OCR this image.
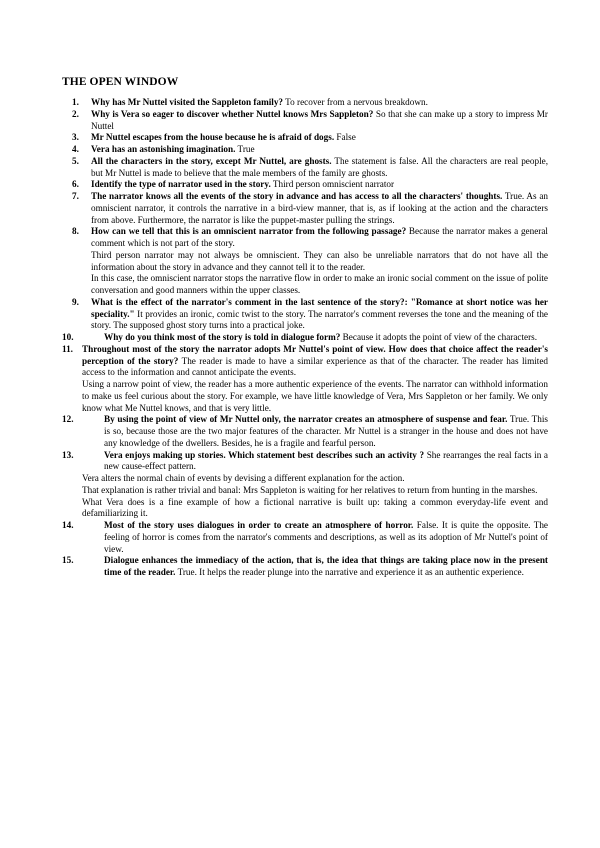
THE OPEN WINDOW
1. Why has Mr Nuttel visited the Sappleton family? To recover from a nervous breakdown.
2. Why is Vera so eager to discover whether Nuttel knows Mrs Sappleton? So that she can make up a story to impress Mr Nuttel
3. Mr Nuttel escapes from the house because he is afraid of dogs. False
4. Vera has an astonishing imagination. True
5. All the characters in the story, except Mr Nuttel, are ghosts. The statement is false. All the characters are real people, but Mr Nuttel is made to believe that the male members of the family are ghosts.
6. Identify the type of narrator used in the story. Third person omniscient narrator
7. The narrator knows all the events of the story in advance and has access to all the characters' thoughts. True. As an omniscient narrator, it controls the narrative in a bird-view manner, that is, as if looking at the action and the characters from above. Furthermore, the narrator is like the puppet-master pulling the strings.
8. How can we tell that this is an omniscient narrator from the following passage? Because the narrator makes a general comment which is not part of the story.
Third person narrator may not always be omniscient. They can also be unreliable narrators that do not have all the information about the story in advance and they cannot tell it to the reader.
In this case, the omniscient narrator stops the narrative flow in order to make an ironic social comment on the issue of polite conversation and good manners within the upper classes.
9. What is the effect of the narrator's comment in the last sentence of the story?: "Romance at short notice was her speciality." It provides an ironic, comic twist to the story. The narrator's comment reverses the tone and the meaning of the story. The supposed ghost story turns into a practical joke.
10.	Why do you think most of the story is told in dialogue form? Because it adopts the point of view of the characters.
11. Throughout most of the story the narrator adopts Mr Nuttel's point of view. How does that choice affect the reader's perception of the story? The reader is made to have a similar experience as that of the character. The reader has limited access to the information and cannot anticipate the events.
Using a narrow point of view, the reader has a more authentic experience of the events. The narrator can withhold information to make us feel curious about the story. For example, we have little knowledge of Vera, Mrs Sappleton or her family. We only know what Me Nuttel knows, and that is very little.
12.	By using the point of view of Mr Nuttel only, the narrator creates an atmosphere of suspense and fear. True. This is so, because those are the two major features of the character. Mr Nuttel is a stranger in the house and does not have any knowledge of the dwellers. Besides, he is a fragile and fearful person.
13.	Vera enjoys making up stories. Which statement best describes such an activity ? She rearranges the real facts in a new cause-effect pattern.
Vera alters the normal chain of events by devising a different explanation for the action.
That explanation is rather trivial and banal: Mrs Sappleton is waiting for her relatives to return from hunting in the marshes.
What Vera does is a fine example of how a fictional narrative is built up: taking a common everyday-life event and defamiliarizing it.
14.	Most of the story uses dialogues in order to create an atmosphere of horror. False. It is quite the opposite. The feeling of horror is comes from the narrator's comments and descriptions, as well as its adoption of Mr Nuttel's point of view.
15.	Dialogue enhances the immediacy of the action, that is, the idea that things are taking place now in the present time of the reader. True. It helps the reader plunge into the narrative and experience it as an authentic experience.
